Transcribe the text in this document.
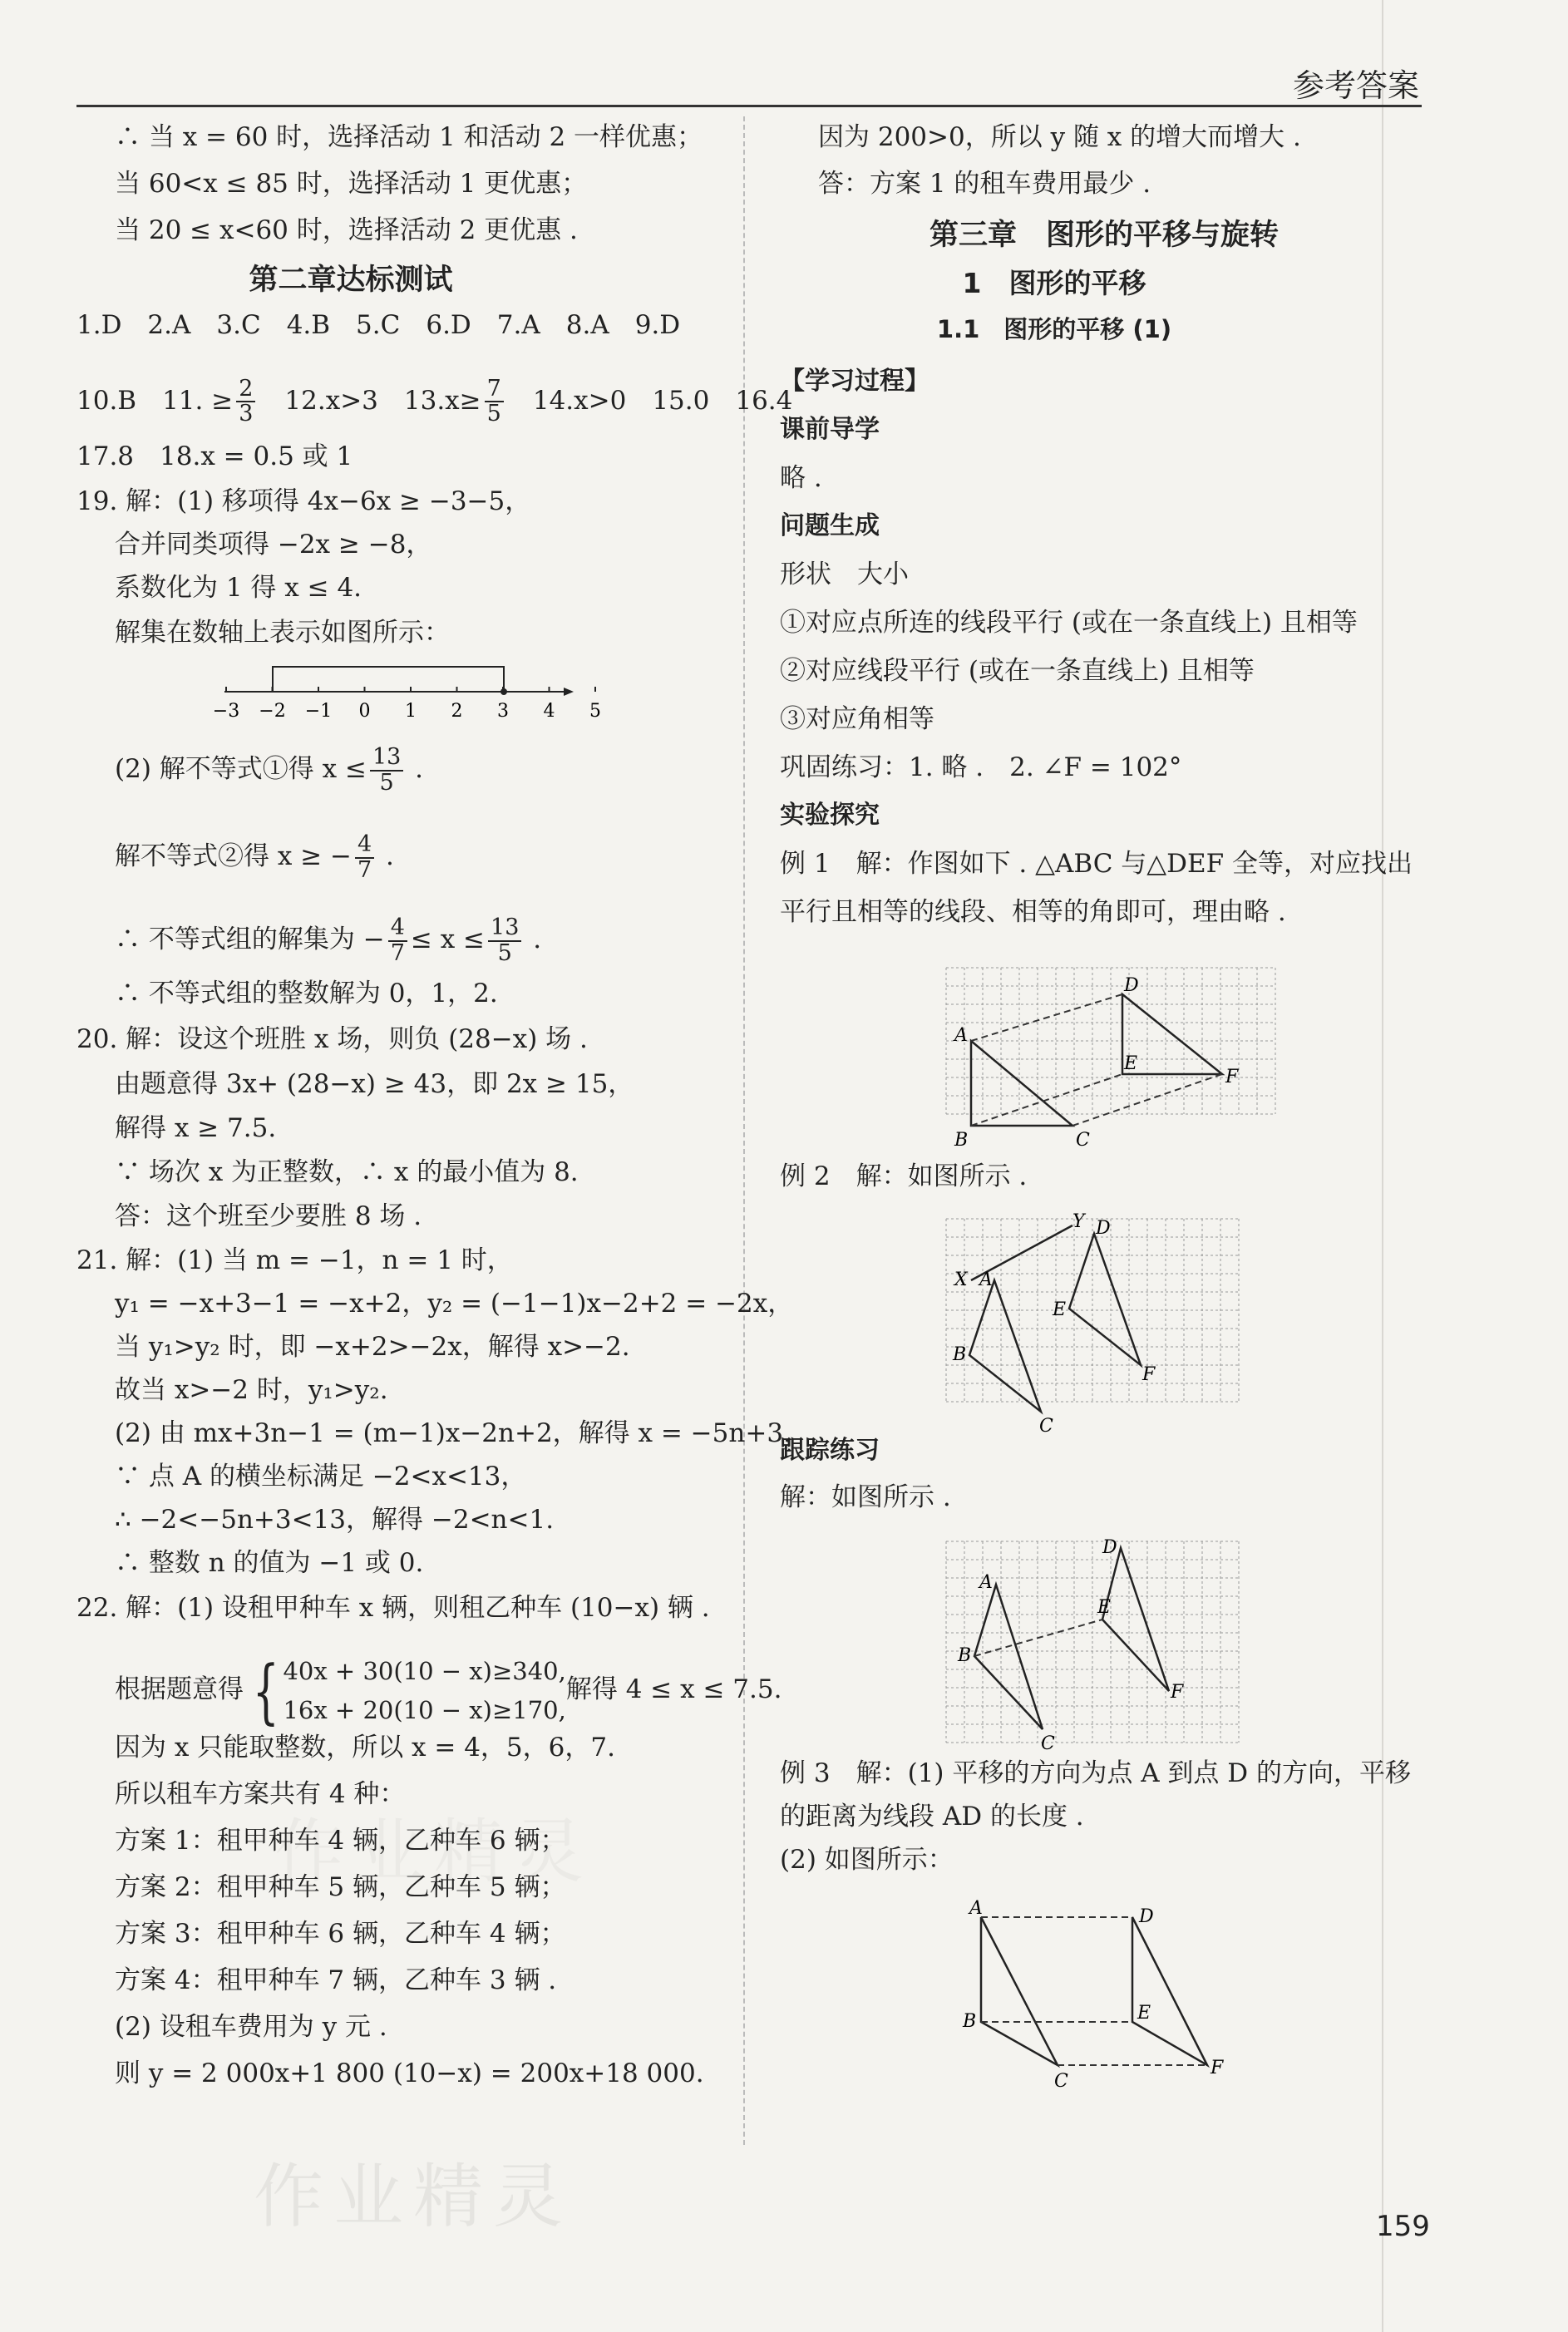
参考答案
作业精灵
∴ 当 x = 60 时，选择活动 1 和活动 2 一样优惠；
当 60<x ≤ 85 时，选择活动 1 更优惠；
当 20 ≤ x<60 时，选择活动 2 更优惠 .
第二章达标测试
1.D　2.A　3.C　4.B　5.C　6.D　7.A　8.A　9.D
10.B　11. ≥ $\frac{2}{3}$ 　12.x>3　$13.x\ge \frac{7}{5}$ 　14.x>0　15.0　16.4
17.8　18.x = 0.5 或 1
19. 解：(1) 移项得 4x−6x ≥ −3−5，
合并同类项得 −2x ≥ −8，
系数化为 1 得 x ≤ 4.
解集在数轴上表示如图所示：
−3 −2 −1 0 1 2 3 4 5
(2) 解不等式①得 $x \le \frac{13}{5}$ .
解不等式②得 x ≥ − $\frac{4}{7}$ .
∴ 不等式组的解集为 − $\frac{4}{7} \le x \le \frac{13}{5}$ .
∴ 不等式组的整数解为 0，1，2.
20. 解：设这个班胜 x 场，则负 (28−x) 场 .
由题意得 3x+ (28−x) ≥ 43，即 2x ≥ 15，
解得 x ≥ 7.5.
∵ 场次 x 为正整数，∴ x 的最小值为 8.
答：这个班至少要胜 8 场 .
21. 解：(1) 当 m = −1，n = 1 时，
y₁ = −x+3−1 = −x+2，y₂ = (−1−1)x−2+2 = −2x，
当 y₁>y₂ 时，即 −x+2>−2x，解得 x>−2.
故当 x>−2 时，y₁>y₂.
(2) 由 mx+3n−1 = (m−1)x−2n+2，解得 x = −5n+3.
∵ 点 A 的横坐标满足 −2<x<13，
∴ −2<−5n+3<13，解得 −2<n<1.
∴ 整数 n 的值为 −1 或 0.
22. 解：(1) 设租甲种车 x 辆，则租乙种车 (10−x) 辆 .
根据题意得 { 40x + 30(10 − x)≥340,
16x + 20(10 − x)≥170,
解得 4 ≤ x ≤ 7.5.
因为 x 只能取整数，所以 x = 4，5，6，7.
所以租车方案共有 4 种：
方案 1：租甲种车 4 辆，乙种车 6 辆；
方案 2：租甲种车 5 辆，乙种车 5 辆；
方案 3：租甲种车 6 辆，乙种车 4 辆；
方案 4：租甲种车 7 辆，乙种车 3 辆 .
(2) 设租车费用为 y 元 .
则 y = 2 000x+1 800 (10−x) = 200x+18 000.
因为 200>0，所以 y 随 x 的增大而增大 .
答：方案 1 的租车费用最少 .
第三章　图形的平移与旋转
1　图形的平移
1.1　图形的平移 (1)
【学习过程】
课前导学
略 .
问题生成
形状　大小
①对应点所连的线段平行 (或在一条直线上) 且相等
②对应线段平行 (或在一条直线上) 且相等
③对应角相等
巩固练习：1. 略 .　2. ∠F = 102°
实验探究
例 1　解：作图如下 . △ABC 与△DEF 全等，对应找出
平行且相等的线段、相等的角即可，理由略 .
A
B	C
D
E
F
例 2　解：如图所示 .
X
Y
A
B
C
D
E
F
跟踪练习
解：如图所示 .
A
B
C
D
E
F
例 3　解：(1) 平移的方向为点 A 到点 D 的方向，平移
的距离为线段 AD 的长度 .
(2) 如图所示：
A
B
C
D
E
F
159
